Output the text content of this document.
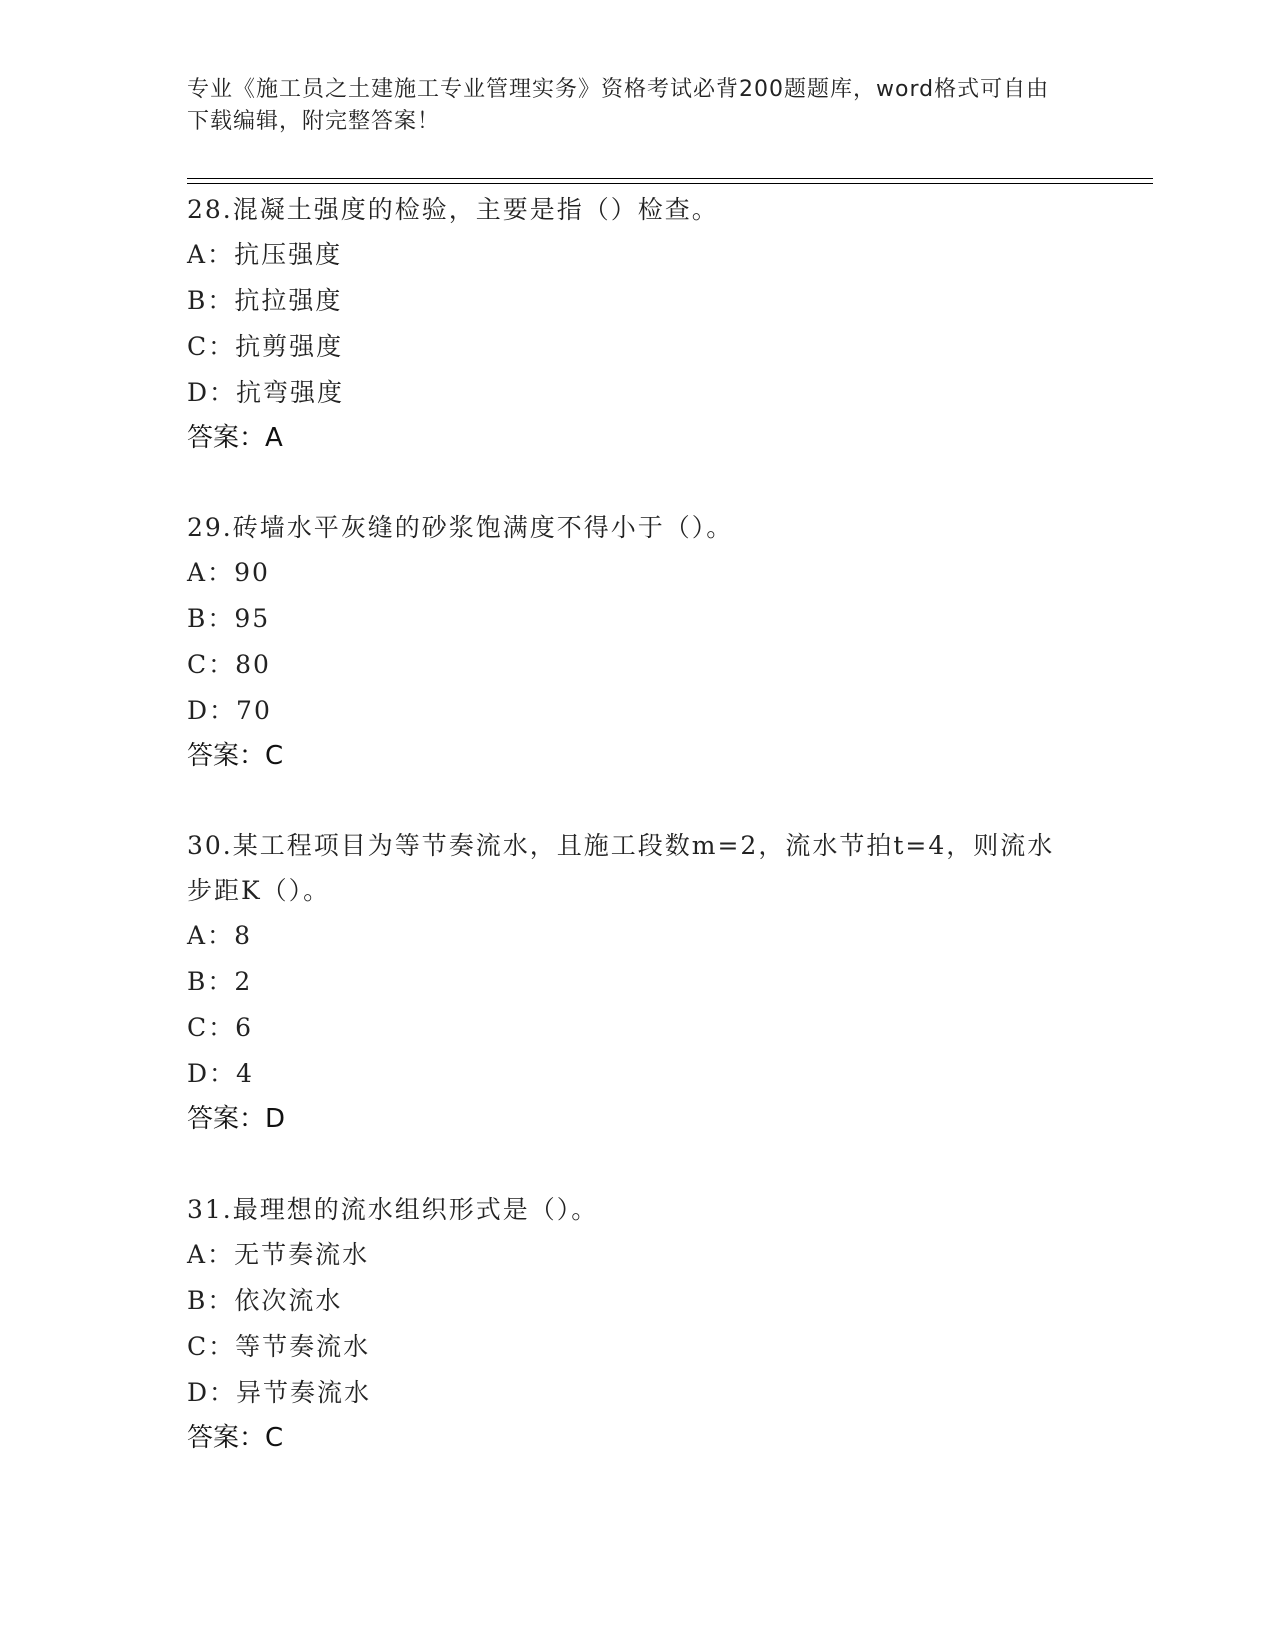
专业《施工员之土建施工专业管理实务》资格考试必背200题题库，word格式可自由下载编辑，附完整答案！
28.混凝土强度的检验，主要是指（）检查。
A：抗压强度
B：抗拉强度
C：抗剪强度
D：抗弯强度
答案：A
29.砖墙水平灰缝的砂浆饱满度不得小于（）。
A：90
B：95
C：80
D：70
答案：C
30.某工程项目为等节奏流水，且施工段数m=2，流水节拍t=4，则流水步距K（）。
A：8
B：2
C：6
D：4
答案：D
31.最理想的流水组织形式是（）。
A：无节奏流水
B：依次流水
C：等节奏流水
D：异节奏流水
答案：C
